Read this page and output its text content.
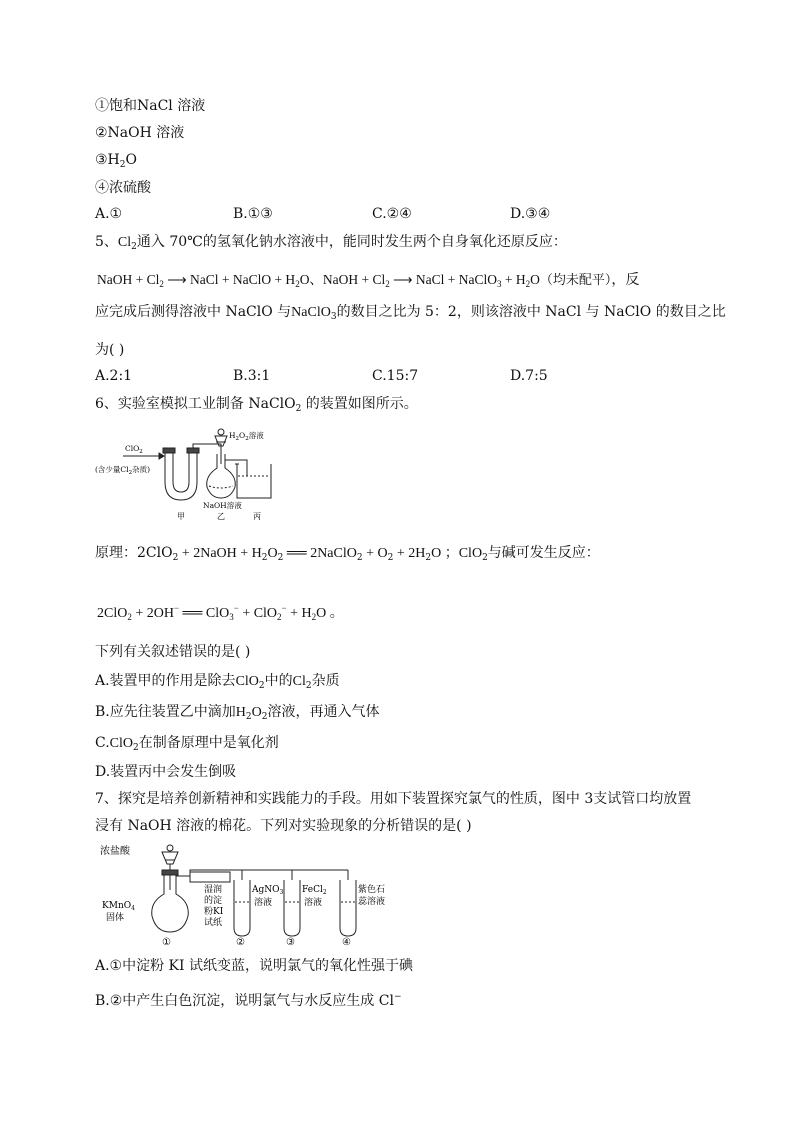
①饱和NaCl 溶液
②NaOH 溶液
$③H_2O$
④浓硫酸
A.①	B.①③	C.②④	D.③④
5、$Cl_2$通入 70℃的氢氧化钠水溶液中，能同时发生两个自身氧化还原反应：
NaOH + $Cl_2$ ⟶ NaCl + NaClO + $H_2O$、NaOH + $Cl_2$ ⟶ NaCl + NaClO$_3$ + $H_2O$（均未配平），反
应完成后测得溶液中 NaClO 与NaClO$_3$的数目之比为 5：2，则该溶液中 NaCl 与 NaClO 的数目之比
为( )
A.2:1	B.3:1	C.15:7	D.7:5
6、实验室模拟工业制备 NaClO$_2$ 的装置如图所示。
ClO$_2$
(含少量$Cl_2$杂质)
$H_2O_2$溶液
NaOH溶液
甲	乙	丙
原理：2ClO$_2$ + 2NaOH + $H_2O_2$ ══ 2NaClO$_2$ + $O_2 + 2H_2O$ ；ClO$_2$与碱可发生反应：
2ClO$_2$ + 2OH− ══ $ClO_3^- + ClO_2^- + H_2O$ 。
下列有关叙述错误的是( )
A.装置甲的作用是除去ClO$_2$中的$Cl_2$杂质
B.应先往装置乙中滴加$H_2O_2$溶液，再通入气体
C.ClO$_2$在制备原理中是氧化剂
D.装置丙中会发生倒吸
7、探究是培养创新精神和实践能力的手段。用如下装置探究氯气的性质，图中 3支试管口均放置
浸有 NaOH 溶液的棉花。下列对实验现象的分析错误的是( )
浓盐酸
KMnO$_4$
固体
湿润
的淀
粉KI
试纸
AgNO$_3$
溶液
FeCl$_2$
溶液
紫色石
蕊溶液
①	②	③	④
A.①中淀粉 KI 试纸变蓝，说明氯气的氧化性强于碘
B.②中产生白色沉淀，说明氯气与水反应生成 Cl−
